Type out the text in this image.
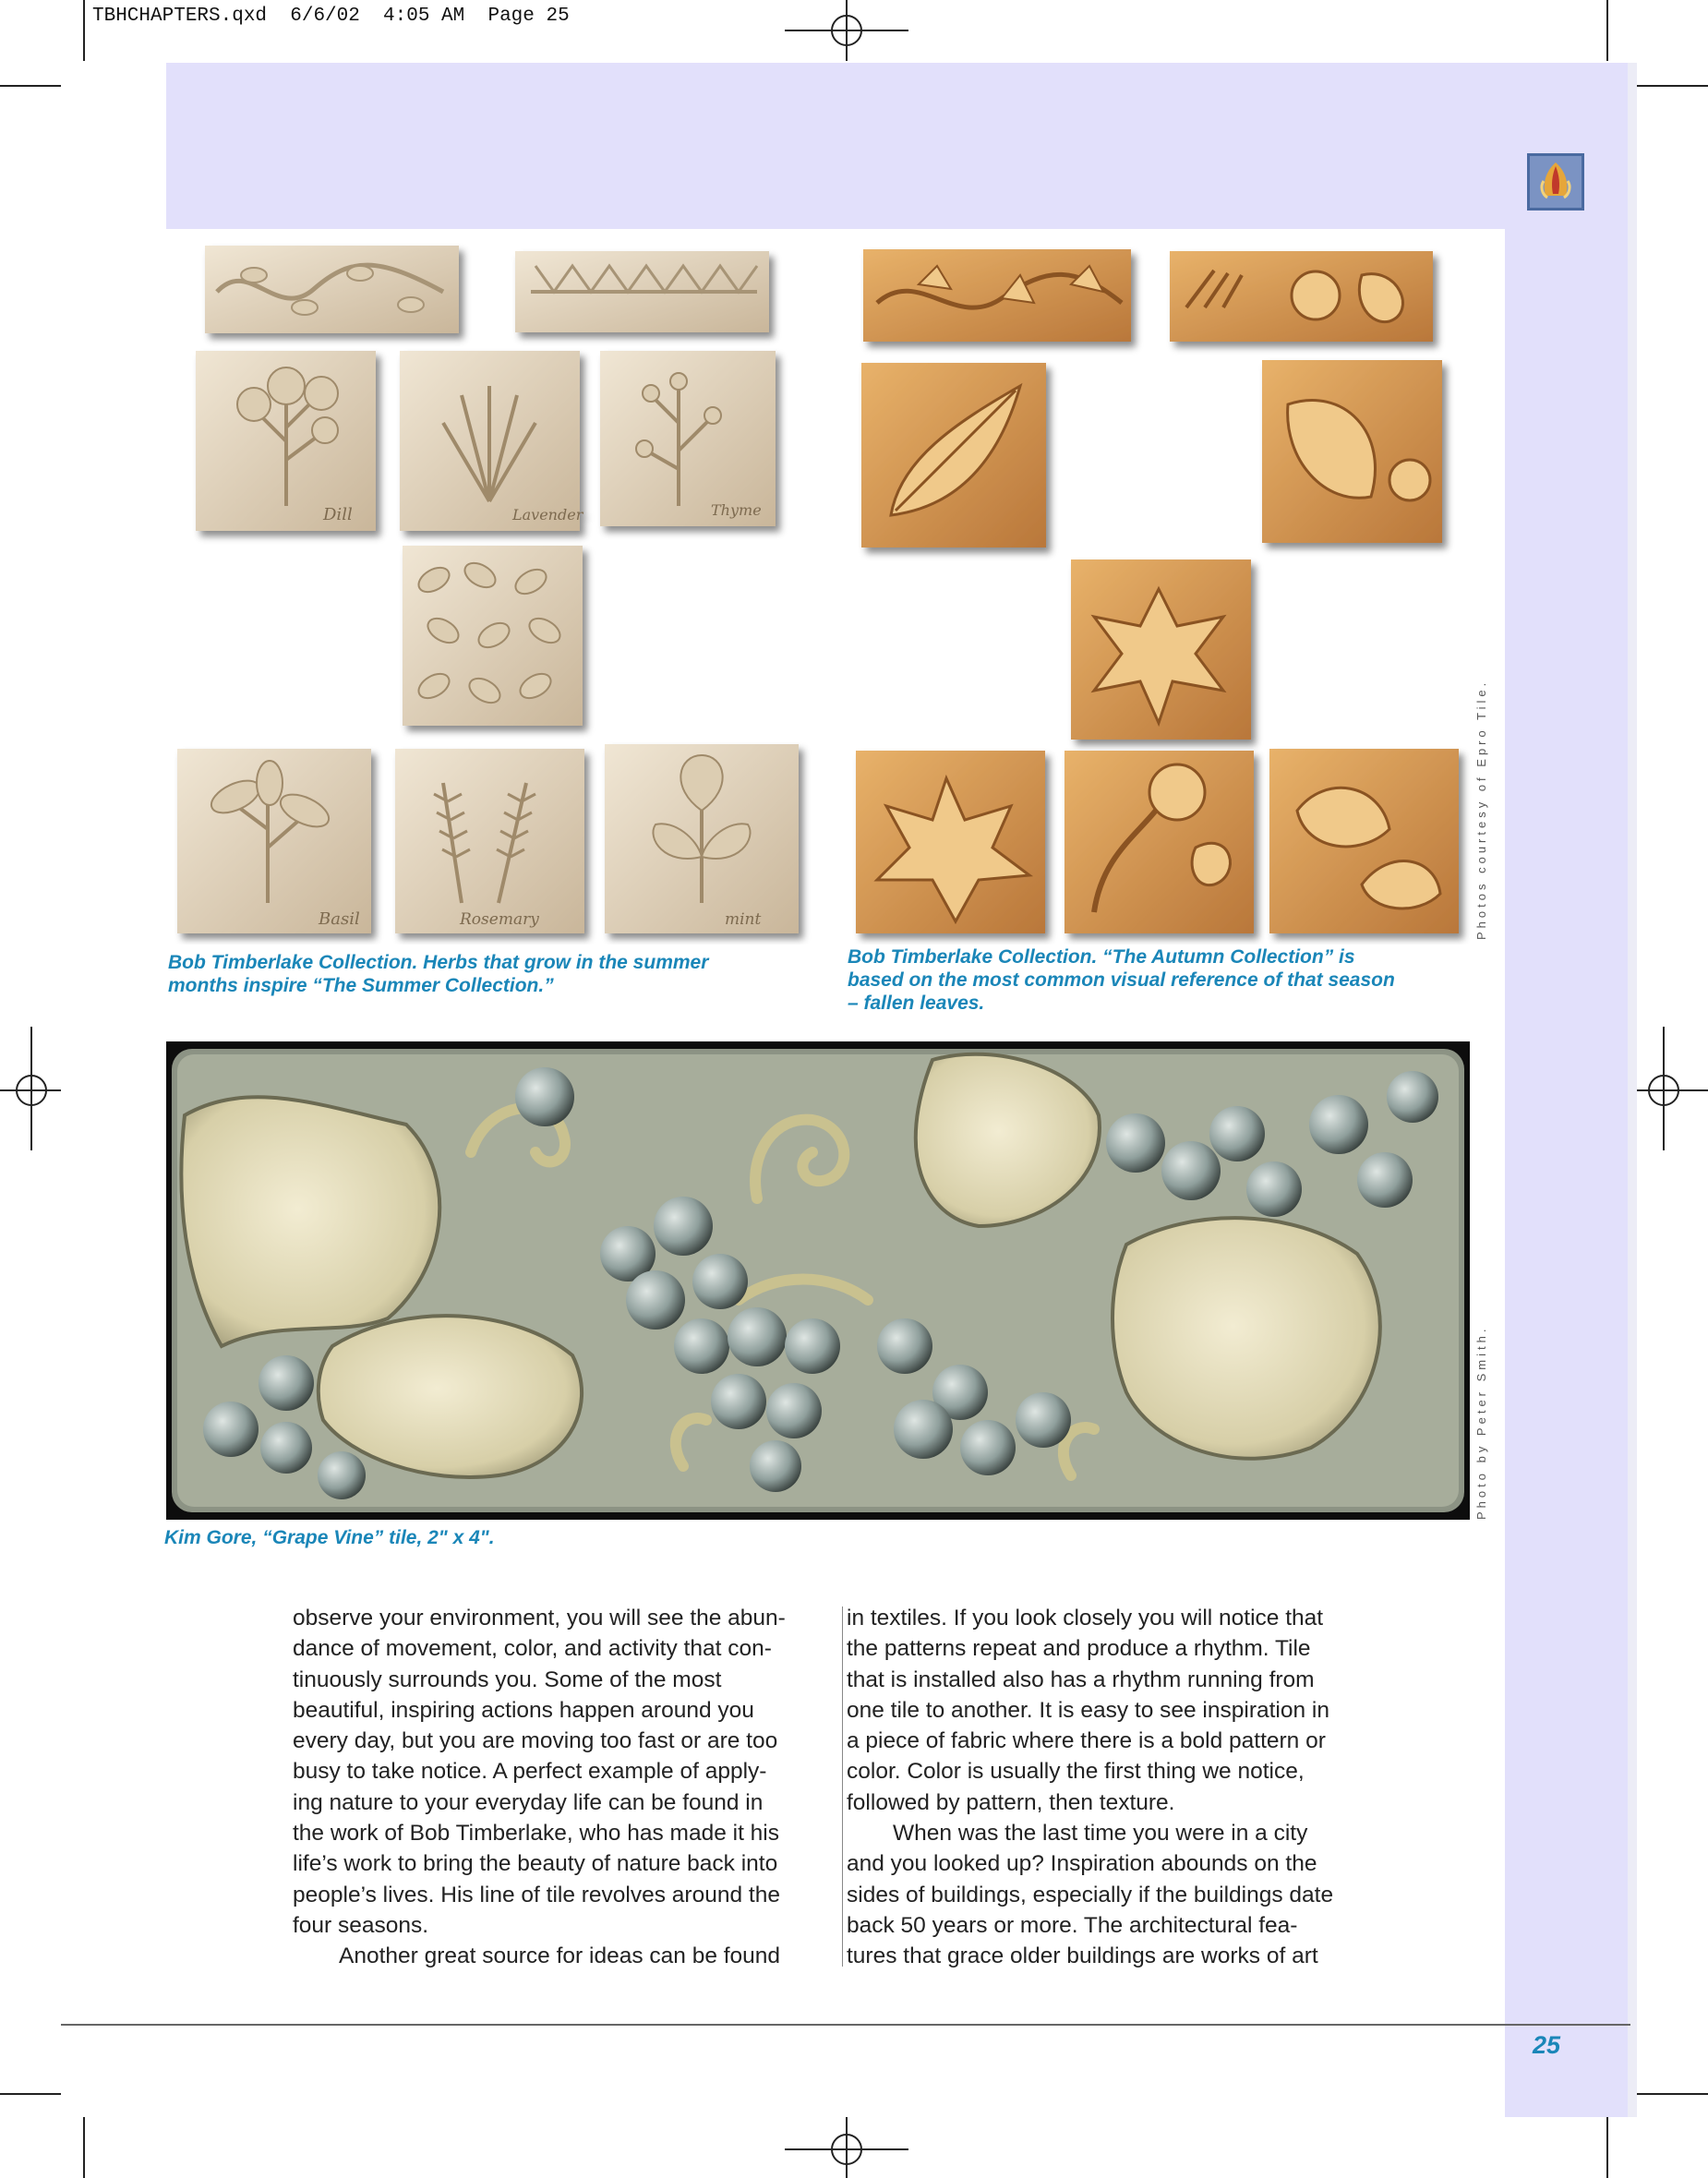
TBHCHAPTERS.qxd  6/6/02  4:05 AM  Page 25
Dill	Lavender	Thyme
Basil	Rosemary	mint
Bob Timberlake Collection. Herbs that grow in the summer
months inspire “The Summer Collection.”
Bob Timberlake Collection. “The Autumn Collection” is
based on the most common visual reference of that season
– fallen leaves.
Photos courtesy of Epro Tile.
Kim Gore, “Grape Vine” tile, 2" x 4".
Photo by Peter Smith.

observe your environment, you will see the abun-

dance of movement, color, and activity that con-

tinuously surrounds you. Some of the most

beautiful, inspiring actions happen around you

every day, but you are moving too fast or are too

busy to take notice. A perfect example of apply-

ing nature to your everyday life can be found in

the work of Bob Timberlake, who has made it his

life’s work to bring the beauty of nature back into

people’s lives. His line of tile revolves around the

four seasons.

Another great source for ideas can be found

in textiles. If you look closely you will notice that

the patterns repeat and produce a rhythm. Tile

that is installed also has a rhythm running from

one tile to another. It is easy to see inspiration in

a piece of fabric where there is a bold pattern or

color. Color is usually the first thing we notice,

followed by pattern, then texture.

When was the last time you were in a city

and you looked up? Inspiration abounds on the

sides of buildings, especially if the buildings date

back 50 years or more. The architectural fea-

tures that grace older buildings are works of art

25
